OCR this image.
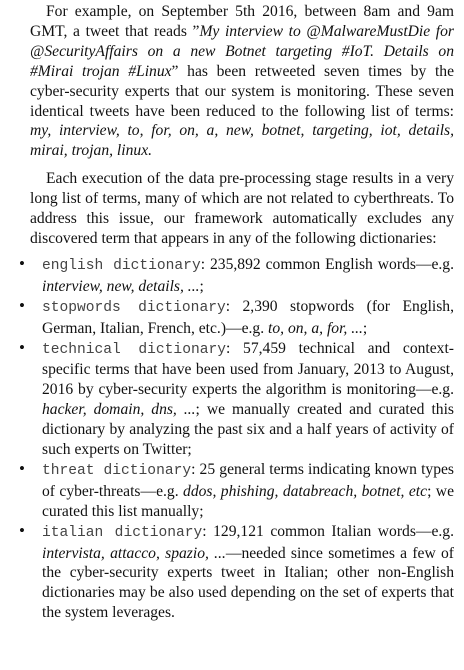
For example, on September 5th 2016, between 8am and 9am GMT, a tweet that reads ”My interview to @MalwareMustDie for @SecurityAffairs on a new Botnet targeting #IoT. Details on #Mirai trojan #Linux” has been retweeted seven times by the cyber-security experts that our system is monitoring. These seven identical tweets have been reduced to the following list of terms: my, interview, to, for, on, a, new, botnet, targeting, iot, details, mirai, trojan, linux.

Each execution of the data pre-processing stage results in a very long list of terms, many of which are not related to cyberthreats. To address this issue, our framework automatically excludes any discovered term that appears in any of the following dictionaries:

• english dictionary: 235,892 common English words—e.g. interview, new, details, ...;
• stopwords dictionary: 2,390 stopwords (for English, German, Italian, French, etc.)—e.g. to, on, a, for, ...;
• technical dictionary: 57,459 technical and context-specific terms that have been used from January, 2013 to August, 2016 by cyber-security experts the algorithm is monitoring—e.g. hacker, domain, dns, ...; we manually created and curated this dictionary by analyzing the past six and a half years of activity of such experts on Twitter;
• threat dictionary: 25 general terms indicating known types of cyber-threats—e.g. ddos, phishing, databreach, botnet, etc; we curated this list manually;
• italian dictionary: 129,121 common Italian words—e.g. intervista, attacco, spazio, ...—needed since sometimes a few of the cyber-security experts tweet in Italian; other non-English dictionaries may be also used depending on the set of experts that the system leverages.
